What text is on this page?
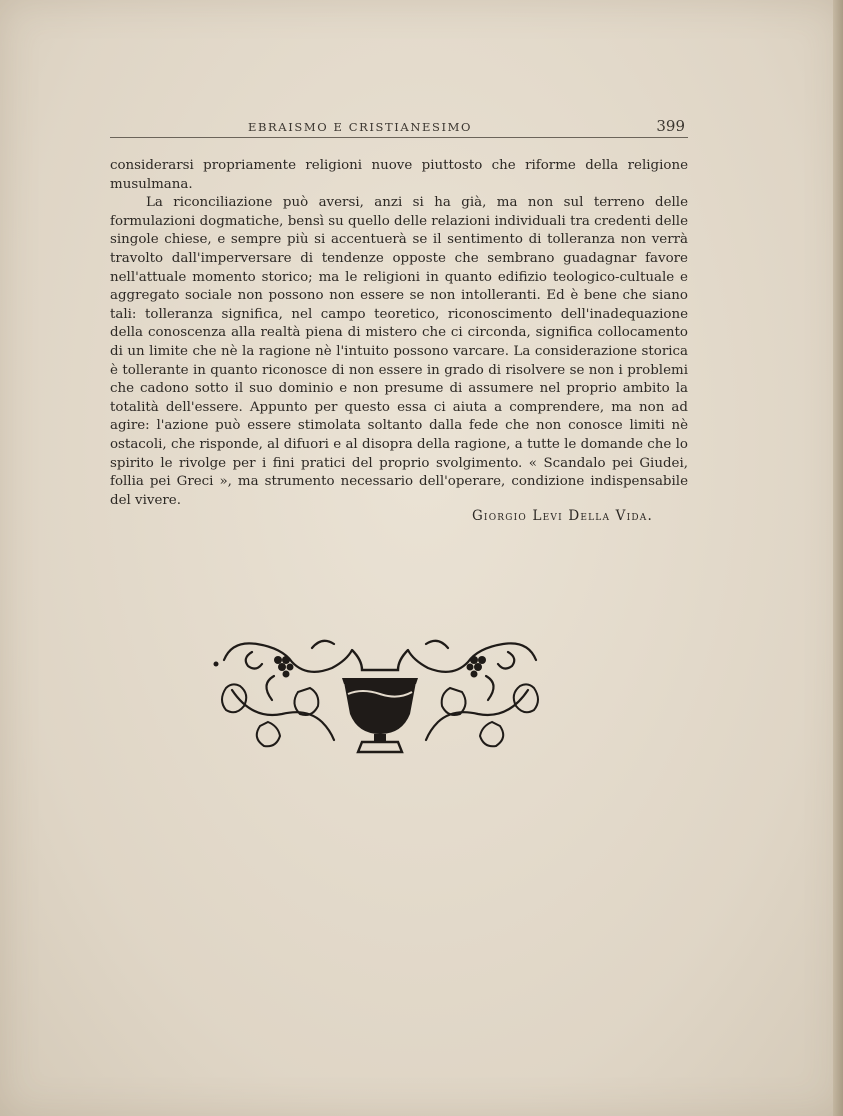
EBRAISMO E CRISTIANESIMO	399

considerarsi propriamente religioni nuove piuttosto che riforme della religione musulmana.

La riconciliazione può aversi, anzi si ha già, ma non sul terreno delle formulazioni dogmatiche, bensì su quello delle relazioni individuali tra credenti delle singole chiese, e sempre più si accentuerà se il sentimento di tolleranza non verrà travolto dall'imperversare di tendenze opposte che sembrano guadagnar favore nell'attuale momento storico; ma le religioni in quanto edifizio teologico-cultuale e aggregato sociale non possono non essere se non intolleranti. Ed è bene che siano tali: tolleranza significa, nel campo teoretico, riconoscimento dell'inadequazione della conoscenza alla realtà piena di mistero che ci circonda, significa collocamento di un limite che nè la ragione nè l'intuito possono varcare. La considerazione storica è tollerante in quanto riconosce di non essere in grado di risolvere se non i problemi che cadono sotto il suo dominio e non presume di assumere nel proprio ambito la totalità dell'essere. Appunto per questo essa ci aiuta a comprendere, ma non ad agire: l'azione può essere stimolata soltanto dalla fede che non conosce limiti nè ostacoli, che risponde, al difuori e al disopra della ragione, a tutte le domande che lo spirito le rivolge per i fini pratici del proprio svolgimento. « Scandalo pei Giudei, follia pei Greci », ma strumento necessario dell'operare, condizione indispensabile del vivere.

Giorgio Levi Della Vida.
